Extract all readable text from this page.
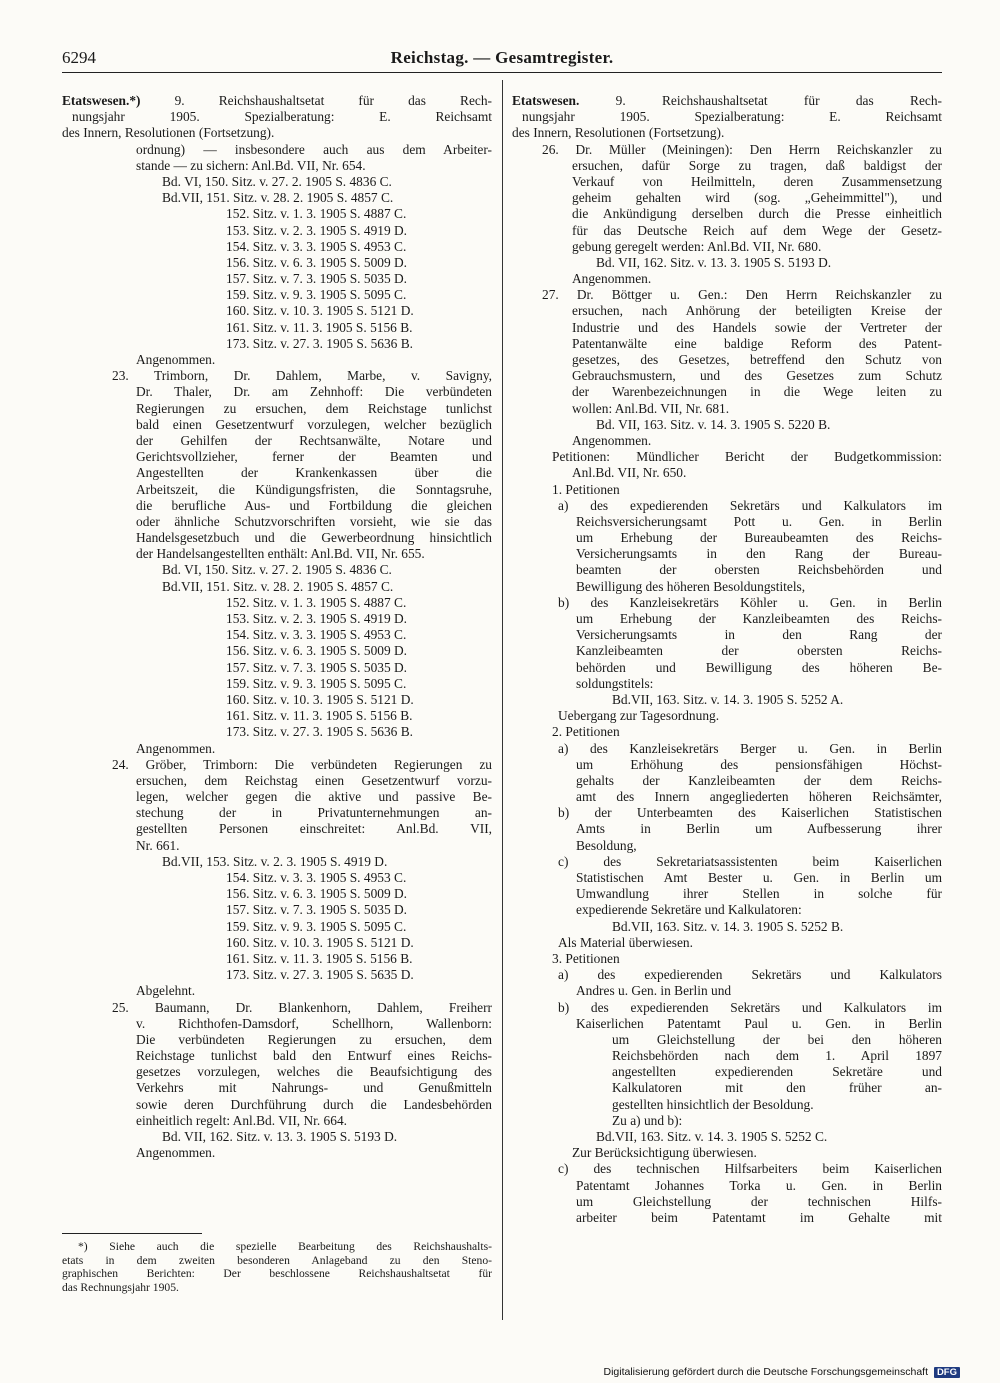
6294	Reichstag. — Gesamtregister.
Etatswesen.*) 9. Reichshaushaltsetat für das Rech-
nungsjahr 1905. Spezialberatung: E. Reichsamt
des Innern, Resolutionen (Fortsetzung).
ordnung) — insbesondere auch aus dem Arbeiter-
stande — zu sichern: Anl.Bd. VII, Nr. 654.
Bd. VI, 150. Sitz. v. 27. 2. 1905 S. 4836 C.
Bd.VII, 151. Sitz. v. 28. 2. 1905 S. 4857 C.
152. Sitz. v. 1. 3. 1905 S. 4887 C.
153. Sitz. v. 2. 3. 1905 S. 4919 D.
154. Sitz. v. 3. 3. 1905 S. 4953 C.
156. Sitz. v. 6. 3. 1905 S. 5009 D.
157. Sitz. v. 7. 3. 1905 S. 5035 D.
159. Sitz. v. 9. 3. 1905 S. 5095 C.
160. Sitz. v. 10. 3. 1905 S. 5121 D.
161. Sitz. v. 11. 3. 1905 S. 5156 B.
173. Sitz. v. 27. 3. 1905 S. 5636 B.
Angenommen.
23. Trimborn, Dr. Dahlem, Marbe, v. Savigny,
Dr. Thaler, Dr. am Zehnhoff: Die verbündeten
Regierungen zu ersuchen, dem Reichstage tunlichst
bald einen Gesetzentwurf vorzulegen, welcher bezüglich
der Gehilfen der Rechtsanwälte, Notare und
Gerichtsvollzieher, ferner der Beamten und
Angestellten der Krankenkassen über die
Arbeitszeit, die Kündigungsfristen, die Sonntagsruhe,
die berufliche Aus- und Fortbildung die gleichen
oder ähnliche Schutzvorschriften vorsieht, wie sie das
Handelsgesetzbuch und die Gewerbeordnung hinsichtlich
der Handelsangestellten enthält: Anl.Bd. VII, Nr. 655.
Bd. VI, 150. Sitz. v. 27. 2. 1905 S. 4836 C.
Bd.VII, 151. Sitz. v. 28. 2. 1905 S. 4857 C.
152. Sitz. v. 1. 3. 1905 S. 4887 C.
153. Sitz. v. 2. 3. 1905 S. 4919 D.
154. Sitz. v. 3. 3. 1905 S. 4953 C.
156. Sitz. v. 6. 3. 1905 S. 5009 D.
157. Sitz. v. 7. 3. 1905 S. 5035 D.
159. Sitz. v. 9. 3. 1905 S. 5095 C.
160. Sitz. v. 10. 3. 1905 S. 5121 D.
161. Sitz. v. 11. 3. 1905 S. 5156 B.
173. Sitz. v. 27. 3. 1905 S. 5636 B.
Angenommen.
24. Gröber, Trimborn: Die verbündeten Regierungen zu
ersuchen, dem Reichstag einen Gesetzentwurf vorzu-
legen, welcher gegen die aktive und passive Be-
stechung der in Privatunternehmungen an-
gestellten Personen einschreitet: Anl.Bd. VII,
Nr. 661.
Bd.VII, 153. Sitz. v. 2. 3. 1905 S. 4919 D.
154. Sitz. v. 3. 3. 1905 S. 4953 C.
156. Sitz. v. 6. 3. 1905 S. 5009 D.
157. Sitz. v. 7. 3. 1905 S. 5035 D.
159. Sitz. v. 9. 3. 1905 S. 5095 C.
160. Sitz. v. 10. 3. 1905 S. 5121 D.
161. Sitz. v. 11. 3. 1905 S. 5156 B.
173. Sitz. v. 27. 3. 1905 S. 5635 D.
Abgelehnt.
25. Baumann, Dr. Blankenhorn, Dahlem, Freiherr
v. Richthofen-Damsdorf, Schellhorn, Wallenborn:
Die verbündeten Regierungen zu ersuchen, dem
Reichstage tunlichst bald den Entwurf eines Reichs-
gesetzes vorzulegen, welches die Beaufsichtigung des
Verkehrs mit Nahrungs- und Genußmitteln
sowie deren Durchführung durch die Landesbehörden
einheitlich regelt: Anl.Bd. VII, Nr. 664.
Bd. VII, 162. Sitz. v. 13. 3. 1905 S. 5193 D.
Angenommen.
Etatswesen. 9. Reichshaushaltsetat für das Rech-
nungsjahr 1905. Spezialberatung: E. Reichsamt
des Innern, Resolutionen (Fortsetzung).
26. Dr. Müller (Meiningen): Den Herrn Reichskanzler zu
ersuchen, dafür Sorge zu tragen, daß baldigst der
Verkauf von Heilmitteln, deren Zusammensetzung
geheim gehalten wird (sog. „Geheimmittel"), und
die Ankündigung derselben durch die Presse einheitlich
für das Deutsche Reich auf dem Wege der Gesetz-
gebung geregelt werden: Anl.Bd. VII, Nr. 680.
Bd. VII, 162. Sitz. v. 13. 3. 1905 S. 5193 D.
Angenommen.
27. Dr. Böttger u. Gen.: Den Herrn Reichskanzler zu
ersuchen, nach Anhörung der beteiligten Kreise der
Industrie und des Handels sowie der Vertreter der
Patentanwälte eine baldige Reform des Patent-
gesetzes, des Gesetzes, betreffend den Schutz von
Gebrauchsmustern, und des Gesetzes zum Schutz
der Warenbezeichnungen in die Wege leiten zu
wollen: Anl.Bd. VII, Nr. 681.
Bd. VII, 163. Sitz. v. 14. 3. 1905 S. 5220 B.
Angenommen.
Petitionen: Mündlicher Bericht der Budgetkommission:
Anl.Bd. VII, Nr. 650.
1. Petitionen
a) des expedierenden Sekretärs und Kalkulators im
Reichsversicherungsamt Pott u. Gen. in Berlin
um Erhebung der Bureaubeamten des Reichs-
Versicherungsamts in den Rang der Bureau-
beamten der obersten Reichsbehörden und
Bewilligung des höheren Besoldungstitels,
b) des Kanzleisekretärs Köhler u. Gen. in Berlin
um Erhebung der Kanzleibeamten des Reichs-
Versicherungsamts in den Rang der
Kanzleibeamten der obersten Reichs-
behörden und Bewilligung des höheren Be-
soldungstitels:
Bd.VII, 163. Sitz. v. 14. 3. 1905 S. 5252 A.
Uebergang zur Tagesordnung.
2. Petitionen
a) des Kanzleisekretärs Berger u. Gen. in Berlin
um Erhöhung des pensionsfähigen Höchst-
gehalts der Kanzleibeamten der dem Reichs-
amt des Innern angegliederten höheren Reichsämter,
b) der Unterbeamten des Kaiserlichen Statistischen
Amts in Berlin um Aufbesserung ihrer
Besoldung,
c) des Sekretariatsassistenten beim Kaiserlichen
Statistischen Amt Bester u. Gen. in Berlin um
Umwandlung ihrer Stellen in solche für
expedierende Sekretäre und Kalkulatoren:
Bd.VII, 163. Sitz. v. 14. 3. 1905 S. 5252 B.
Als Material überwiesen.
3. Petitionen
a) des expedierenden Sekretärs und Kalkulators
Andres u. Gen. in Berlin und
b) des expedierenden Sekretärs und Kalkulators im
Kaiserlichen Patentamt Paul u. Gen. in Berlin
um Gleichstellung der bei den höheren
Reichsbehörden nach dem 1. April 1897
angestellten expedierenden Sekretäre und
Kalkulatoren mit den früher an-
gestellten hinsichtlich der Besoldung.
Zu a) und b):
Bd.VII, 163. Sitz. v. 14. 3. 1905 S. 5252 C.
Zur Berücksichtigung überwiesen.
c) des technischen Hilfsarbeiters beim Kaiserlichen
Patentamt Johannes Torka u. Gen. in Berlin
um Gleichstellung der technischen Hilfs-
arbeiter beim Patentamt im Gehalte mit
*) Siehe auch die spezielle Bearbeitung des Reichshaushalts-
etats in dem zweiten besonderen Anlageband zu den Steno-
graphischen Berichten: Der beschlossene Reichshaushaltsetat für
das Rechnungsjahr 1905.
Digitalisierung gefördert durch die Deutsche Forschungsgemeinschaft DFG
